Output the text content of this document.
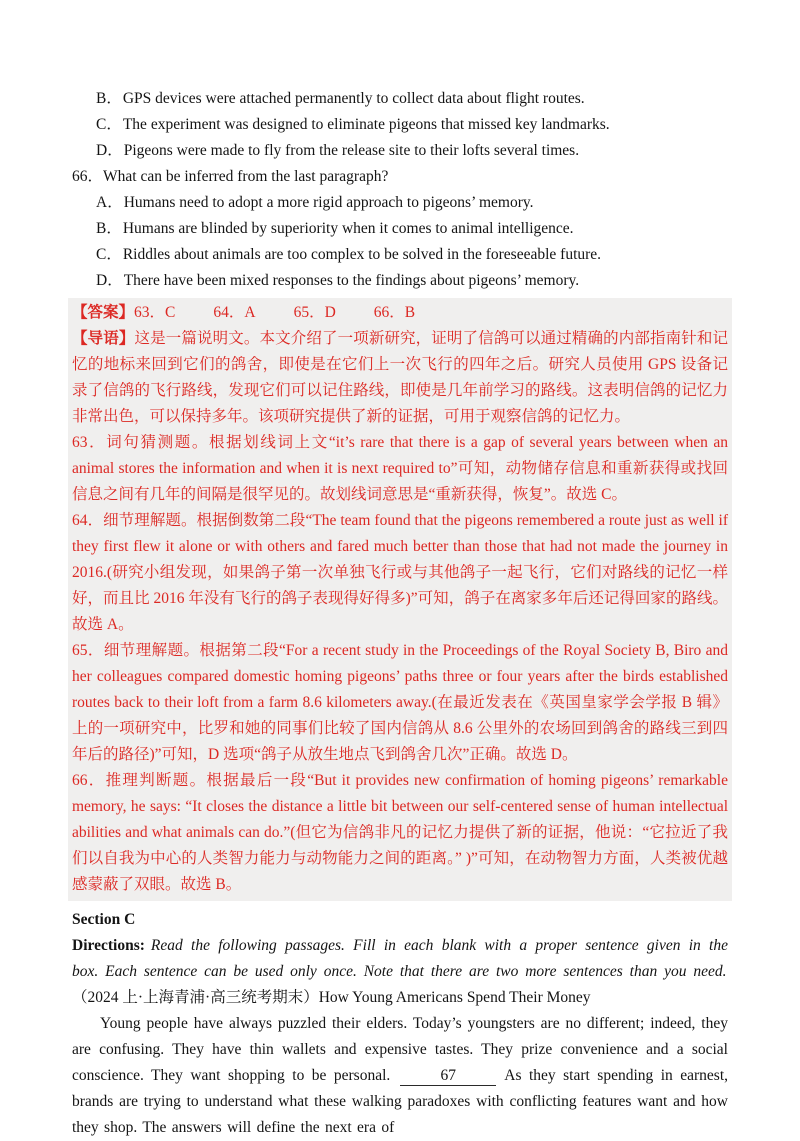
B．GPS devices were attached permanently to collect data about flight routes.

C．The experiment was designed to eliminate pigeons that missed key landmarks.

D．Pigeons were made to fly from the release site to their lofts several times.

66．What can be inferred from the last paragraph?

A．Humans need to adopt a more rigid approach to pigeons’ memory.

B．Humans are blinded by superiority when it comes to animal intelligence.

C．Riddles about animals are too complex to be solved in the foreseeable future.

D．There have been mixed responses to the findings about pigeons’ memory.

【答案】63．C 64．A 65．D 66．B

【导语】这是一篇说明文。本文介绍了一项新研究，证明了信鸽可以通过精确的内部指南针和记忆的地标来回到它们的鸽舍，即使是在它们上一次飞行的四年之后。研究人员使用 GPS 设备记录了信鸽的飞行路线，发现它们可以记住路线，即使是几年前学习的路线。这表明信鸽的记忆力非常出色，可以保持多年。该项研究提供了新的证据，可用于观察信鸽的记忆力。

63．词句猜测题。根据划线词上文“it’s rare that there is a gap of several years between when an animal stores the information and when it is next required to”可知，动物储存信息和重新获得或找回信息之间有几年的间隔是很罕见的。故划线词意思是“重新获得，恢复”。故选 C。

64．细节理解题。根据倒数第二段“The team found that the pigeons remembered a route just as well if they first flew it alone or with others and fared much better than those that had not made the journey in 2016.(研究小组发现，如果鸽子第一次单独飞行或与其他鸽子一起飞行，它们对路线的记忆一样好，而且比 2016 年没有飞行的鸽子表现得好得多)”可知，鸽子在离家多年后还记得回家的路线。故选 A。

65．细节理解题。根据第二段“For a recent study in the Proceedings of the Royal Society B, Biro and her colleagues compared domestic homing pigeons’ paths three or four years after the birds established routes back to their loft from a farm 8.6 kilometers away.(在最近发表在《英国皇家学会学报 B 辑》上的一项研究中，比罗和她的同事们比较了国内信鸽从 8.6 公里外的农场回到鸽舍的路线三到四年后的路径)”可知，D 选项“鸽子从放生地点飞到鸽舍几次”正确。故选 D。

66．推理判断题。根据最后一段“But it provides new confirmation of homing pigeons’ remarkable memory, he says: “It closes the distance a little bit between our self-centered sense of human intellectual abilities and what animals can do.”(但它为信鸽非凡的记忆力提供了新的证据，他说：“它拉近了我们以自我为中心的人类智力能力与动物能力之间的距离。” )”可知，在动物智力方面，人类被优越感蒙蔽了双眼。故选 B。

Section C

Directions: Read the following passages. Fill in each blank with a proper sentence given in the box. Each sentence can be used only once. Note that there are two more sentences than you need.

（2024 上·上海青浦·高三统考期末）How Young Americans Spend Their Money

Young people have always puzzled their elders. Today’s youngsters are no different; indeed, they are confusing. They have thin wallets and expensive tastes. They prize convenience and a social conscience. They want shopping to be personal.	67	As they start spending in earnest, brands are trying to understand what these walking paradoxes with conflicting features want and how they shop. The answers will define the next era of
